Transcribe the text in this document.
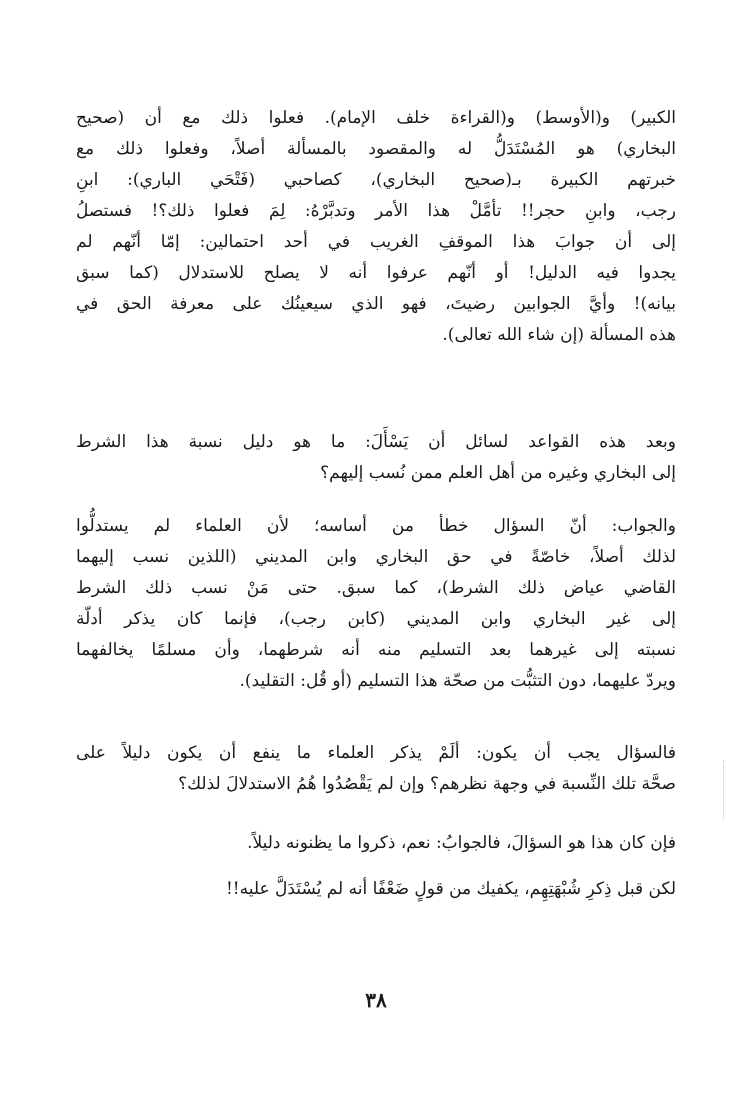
الكبير) و(الأوسط) و(القراءة خلف الإمام). فعلوا ذلك مع أن (صحيح
البخاري) هو المُسْتَدَلُّ له والمقصود بالمسألة أصلاً، وفعلوا ذلك مع
خبرتهم الكبيرة بـ(صحيح البخاري)، كصاحبي (فَتْحَي الباري): ابنِ
رجب، وابنِ حجر!! تأمَّلْ هذا الأمر وتدبَّرْهُ: لِمَ فعلوا ذلك؟! فستصلُ
إلى أن جوابَ هذا الموقفِ الغريب في أحد احتمالين: إمّا أنّهم لم
يجدوا فيه الدليل! أو أنّهم عرفوا أنه لا يصلح للاستدلال (كما سبق
بيانه)! وأيَّ الجوابين رضيتَ، فهو الذي سيعينُك على معرفة الحق في
هذه المسألة (إن شاء الله تعالى).
وبعد هذه القواعد لسائل أن يَسْأَلَ: ما هو دليل نسبة هذا الشرط
إلى البخاري وغيره من أهل العلم ممن نُسب إليهم؟
والجواب: أنّ السؤال خطأ من أساسه؛ لأن العلماء لم يستدلُّوا
لذلك أصلاً، خاصّةً في حق البخاري وابن المديني (اللذين نسب إليهما
القاضي عياض ذلك الشرط)، كما سبق. حتى مَنْ نسب ذلك الشرط
إلى غير البخاري وابن المديني (كابن رجب)، فإنما كان يذكر أدلّة
نسبته إلى غيرهما بعد التسليم منه أنه شرطهما، وأن مسلمًا يخالفهما
ويردّ عليهما، دون التثبُّت من صحّة هذا التسليم (أو قُل: التقليد).
فالسؤال يجب أن يكون: ألَمْ يذكر العلماء ما ينفع أن يكون دليلاً على
صحَّة تلك النِّسبة في وجهة نظرهم؟ وإن لم يَقْصُدُوا هُمُ الاستدلالَ لذلك؟
فإن كان هذا هو السؤالَ، فالجوابُ: نعم، ذكروا ما يظنونه دليلاً.
لكن قبل ذِكرِ شُبْهَتِهِم، يكفيك من قولٍ ضَعْفًا أنه لم يُسْتَدَلَّ عليه!!
٣٨
